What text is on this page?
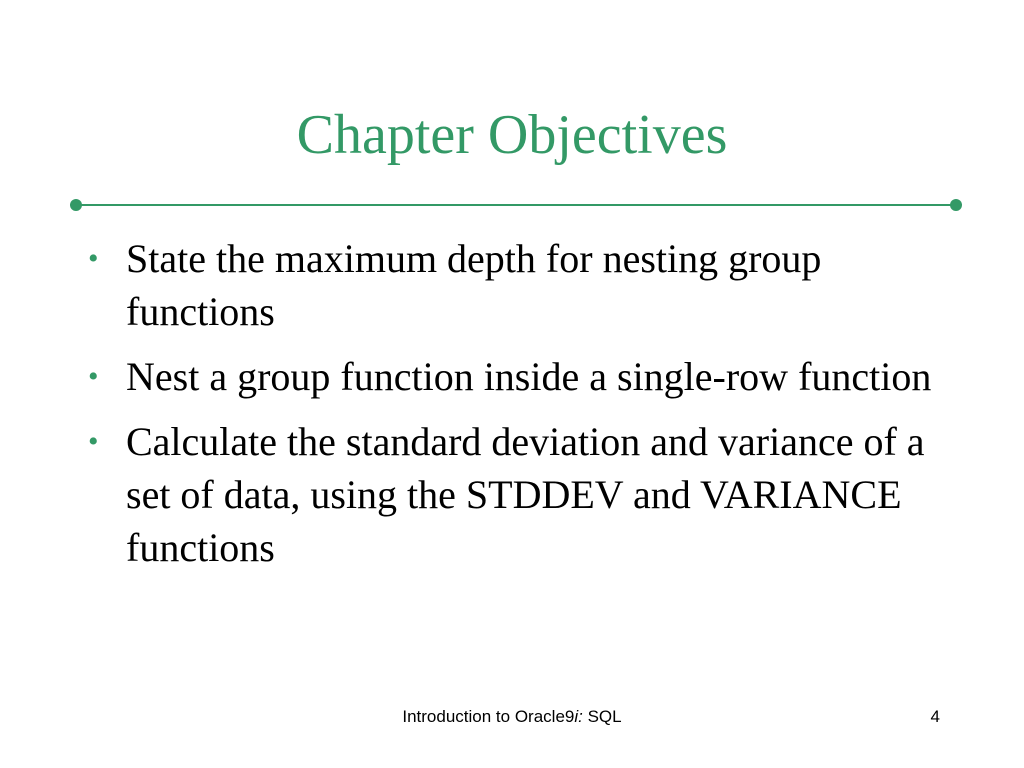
Chapter Objectives
• State the maximum depth for nesting group functions
• Nest a group function inside a single-row function
• Calculate the standard deviation and variance of a set of data, using the STDDEV and VARIANCE functions
Introduction to Oracle9i: SQL	4
